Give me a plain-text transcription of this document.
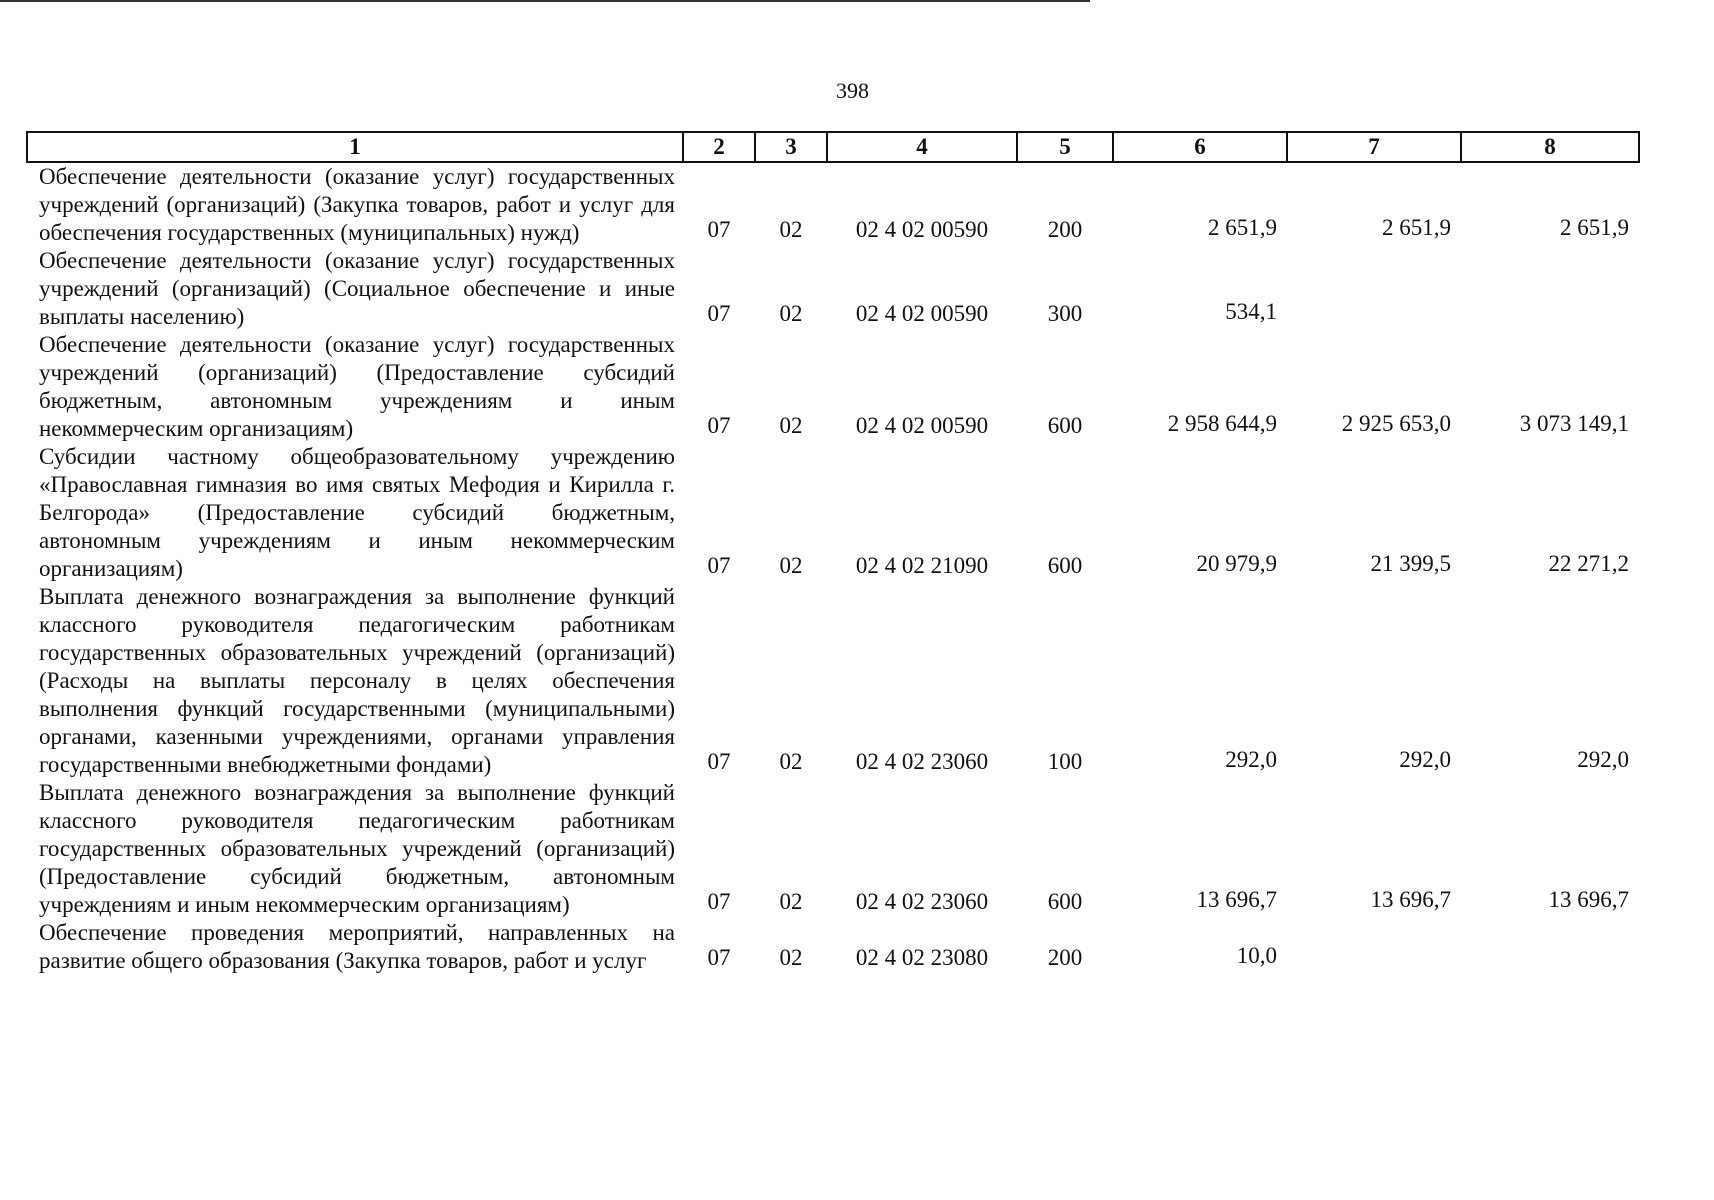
398
1	2	3	4	5	6	7	8
Обеспечение деятельности (оказание услуг) государственных учреждений (организаций) (Закупка товаров, работ и услуг для обеспечения государственных (муниципальных) нужд)	07	02	02 4 02 00590	200	2 651,9	2 651,9	2 651,9
Обеспечение деятельности (оказание услуг) государственных учреждений (организаций) (Социальное обеспечение и иные выплаты населению)	07	02	02 4 02 00590	300	534,1		
Обеспечение деятельности (оказание услуг) государственных учреждений (организаций) (Предоставление субсидий бюджетным, автономным учреждениям и иным некоммерческим организациям)	07	02	02 4 02 00590	600	2 958 644,9	2 925 653,0	3 073 149,1
Субсидии частному общеобразовательному учреждению «Православная гимназия во имя святых Мефодия и Кирилла г. Белгорода» (Предоставление субсидий бюджетным, автономным учреждениям и иным некоммерческим организациям)	07	02	02 4 02 21090	600	20 979,9	21 399,5	22 271,2
Выплата денежного вознаграждения за выполнение функций классного руководителя педагогическим работникам государственных образовательных учреждений (организаций) (Расходы на выплаты персоналу в целях обеспечения выполнения функций государственными (муниципальными) органами, казенными учреждениями, органами управления государственными внебюджетными фондами)	07	02	02 4 02 23060	100	292,0	292,0	292,0
Выплата денежного вознаграждения за выполнение функций классного руководителя педагогическим работникам государственных образовательных учреждений (организаций) (Предоставление субсидий бюджетным, автономным учреждениям и иным некоммерческим организациям)	07	02	02 4 02 23060	600	13 696,7	13 696,7	13 696,7
Обеспечение проведения мероприятий, направленных на развитие общего образования (Закупка товаров, работ и услуг	07	02	02 4 02 23080	200	10,0		
